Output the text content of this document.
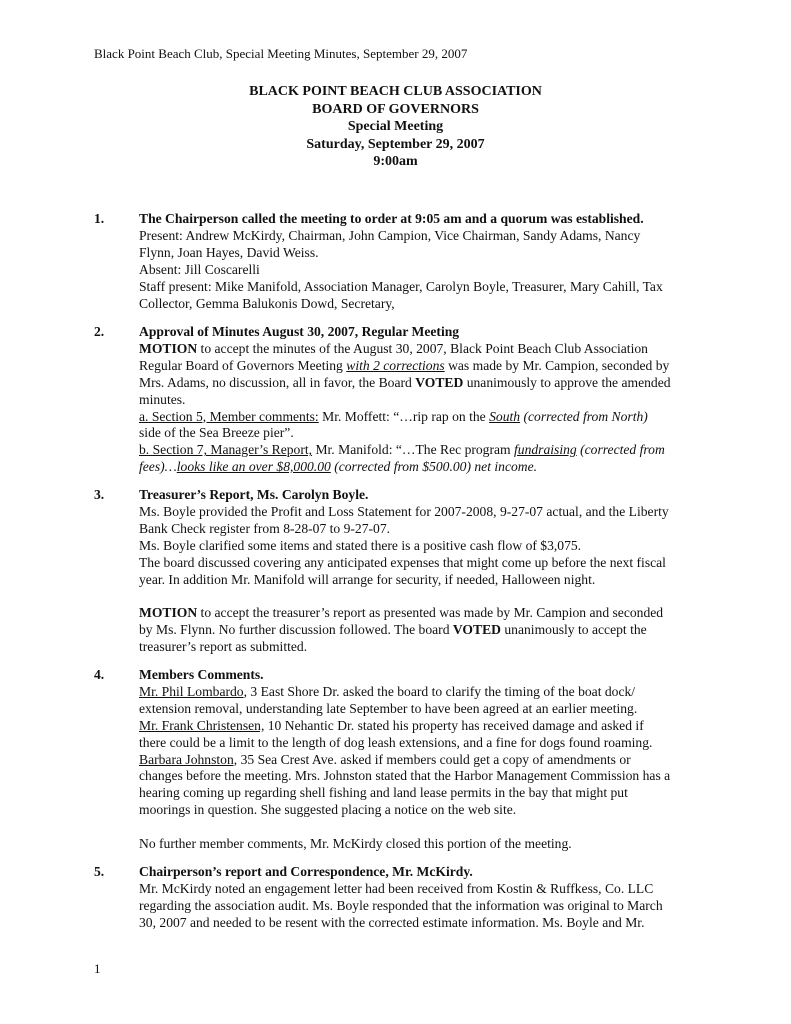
Black Point Beach Club, Special Meeting Minutes, September 29, 2007
BLACK POINT BEACH CLUB ASSOCIATION
BOARD OF GOVERNORS
Special Meeting
Saturday, September 29, 2007
9:00am
1.	The Chairperson called the meeting to order at 9:05 am and a quorum was established.

Present: Andrew McKirdy, Chairman, John Campion, Vice Chairman, Sandy Adams, Nancy

Flynn, Joan Hayes, David Weiss.

Absent: Jill Coscarelli

Staff present: Mike Manifold, Association Manager, Carolyn Boyle, Treasurer, Mary Cahill, Tax

Collector, Gemma Balukonis Dowd, Secretary,

2.	Approval of Minutes August 30, 2007, Regular Meeting

MOTION to accept the minutes of the August 30, 2007, Black Point Beach Club Association

Regular Board of Governors Meeting with 2 corrections was made by Mr. Campion, seconded by

Mrs. Adams, no discussion, all in favor, the Board VOTED unanimously to approve the amended

minutes.

a. Section 5, Member comments: Mr. Moffett: “…rip rap on the South (corrected from North)

side of the Sea Breeze pier”.

b. Section 7, Manager’s Report, Mr. Manifold: “…The Rec program fundraising (corrected from

fees)…looks like an over $8,000.00 (corrected from $500.00) net income.

3.	Treasurer’s Report, Ms. Carolyn Boyle.

Ms. Boyle provided the Profit and Loss Statement for 2007-2008, 9-27-07 actual, and the Liberty

Bank Check register from 8-28-07 to 9-27-07.

Ms. Boyle clarified some items and stated there is a positive cash flow of $3,075.

The board discussed covering any anticipated expenses that might come up before the next fiscal

year. In addition Mr. Manifold will arrange for security, if needed, Halloween night.

MOTION to accept the treasurer’s report as presented was made by Mr. Campion and seconded

by Ms. Flynn. No further discussion followed. The board VOTED unanimously to accept the

treasurer’s report as submitted.

4.	Members Comments.

Mr. Phil Lombardo, 3 East Shore Dr. asked the board to clarify the timing of the boat dock/

extension removal, understanding late September to have been agreed at an earlier meeting.

Mr. Frank Christensen, 10 Nehantic Dr. stated his property has received damage and asked if

there could be a limit to the length of dog leash extensions, and a fine for dogs found roaming.

Barbara Johnston, 35 Sea Crest Ave. asked if members could get a copy of amendments or

changes before the meeting. Mrs. Johnston stated that the Harbor Management Commission has a

hearing coming up regarding shell fishing and land lease permits in the bay that might put

moorings in question. She suggested placing a notice on the web site.

No further member comments, Mr. McKirdy closed this portion of the meeting.

5.	Chairperson’s report and Correspondence, Mr. McKirdy.

Mr. McKirdy noted an engagement letter had been received from Kostin & Ruffkess, Co. LLC

regarding the association audit. Ms. Boyle responded that the information was original to March

30, 2007 and needed to be resent with the corrected estimate information. Ms. Boyle and Mr.

1
